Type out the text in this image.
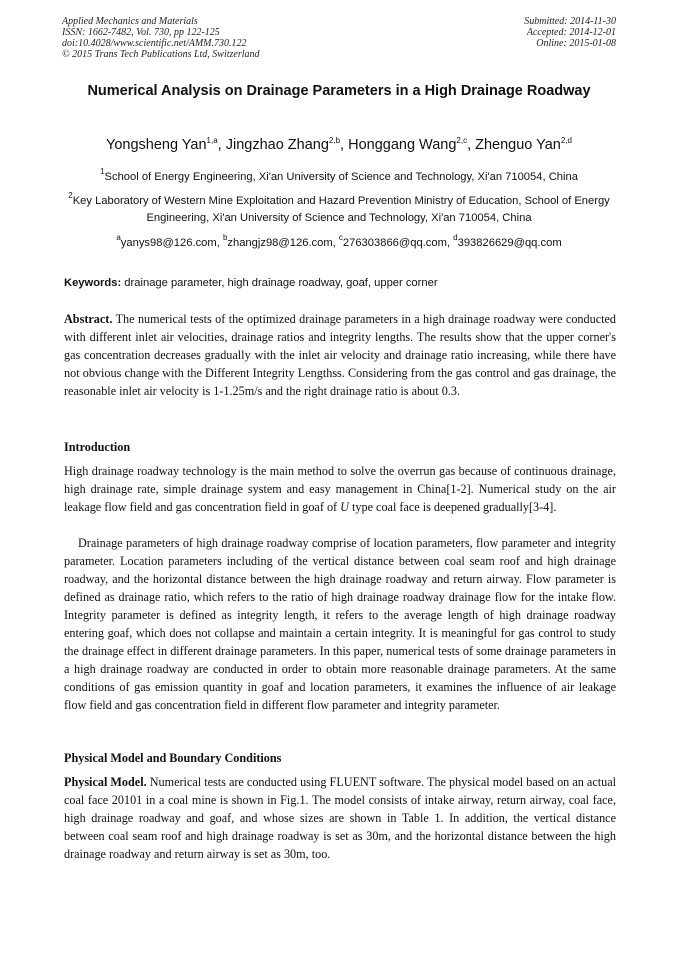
Applied Mechanics and Materials
ISSN: 1662-7482, Vol. 730, pp 122-125
doi:10.4028/www.scientific.net/AMM.730.122
© 2015 Trans Tech Publications Ltd, Switzerland
Submitted: 2014-11-30
Accepted: 2014-12-01
Online: 2015-01-08
Numerical Analysis on Drainage Parameters in a High Drainage Roadway
Yongsheng Yan$^{1,a}$, Jingzhao Zhang$^{2,b}$, Honggang Wang$^{2,c}$, Zhenguo Yan$^{2,d}$
$^1$School of Energy Engineering, Xi'an University of Science and Technology, Xi'an 710054, China
$^2$Key Laboratory of Western Mine Exploitation and Hazard Prevention Ministry of Education, School of Energy Engineering, Xi'an University of Science and Technology, Xi'an 710054, China
$^a$yanys98@126.com, $^b$zhangjz98@126.com, $^c$276303866@qq.com, $^d$393826629@qq.com
Keywords: drainage parameter, high drainage roadway, goaf, upper corner
Abstract. The numerical tests of the optimized drainage parameters in a high drainage roadway were conducted with different inlet air velocities, drainage ratios and integrity lengths. The results show that the upper corner's gas concentration decreases gradually with the inlet air velocity and drainage ratio increasing, while there have not obvious change with the Different Integrity Lengthss. Considering from the gas control and gas drainage, the reasonable inlet air velocity is 1-1.25m/s and the right drainage ratio is about 0.3.
Introduction
High drainage roadway technology is the main method to solve the overrun gas because of continuous drainage, high drainage rate, simple drainage system and easy management in China[1-2]. Numerical study on the air leakage flow field and gas concentration field in goaf of U type coal face is deepened gradually[3-4].
Drainage parameters of high drainage roadway comprise of location parameters, flow parameter and integrity parameter. Location parameters including of the vertical distance between coal seam roof and high drainage roadway, and the horizontal distance between the high drainage roadway and return airway. Flow parameter is defined as drainage ratio, which refers to the ratio of high drainage roadway drainage flow for the intake flow. Integrity parameter is defined as integrity length, it refers to the average length of high drainage roadway entering goaf, which does not collapse and maintain a certain integrity. It is meaningful for gas control to study the drainage effect in different drainage parameters. In this paper, numerical tests of some drainage parameters in a high drainage roadway are conducted in order to obtain more reasonable drainage parameters. At the same conditions of gas emission quantity in goaf and location parameters, it examines the influence of air leakage flow field and gas concentration field in different flow parameter and integrity parameter.
Physical Model and Boundary Conditions
Physical Model. Numerical tests are conducted using FLUENT software. The physical model based on an actual coal face 20101 in a coal mine is shown in Fig.1. The model consists of intake airway, return airway, coal face, high drainage roadway and goaf, and whose sizes are shown in Table 1. In addition, the vertical distance between coal seam roof and high drainage roadway is set as 30m, and the horizontal distance between the high drainage roadway and return airway is set as 30m, too.
